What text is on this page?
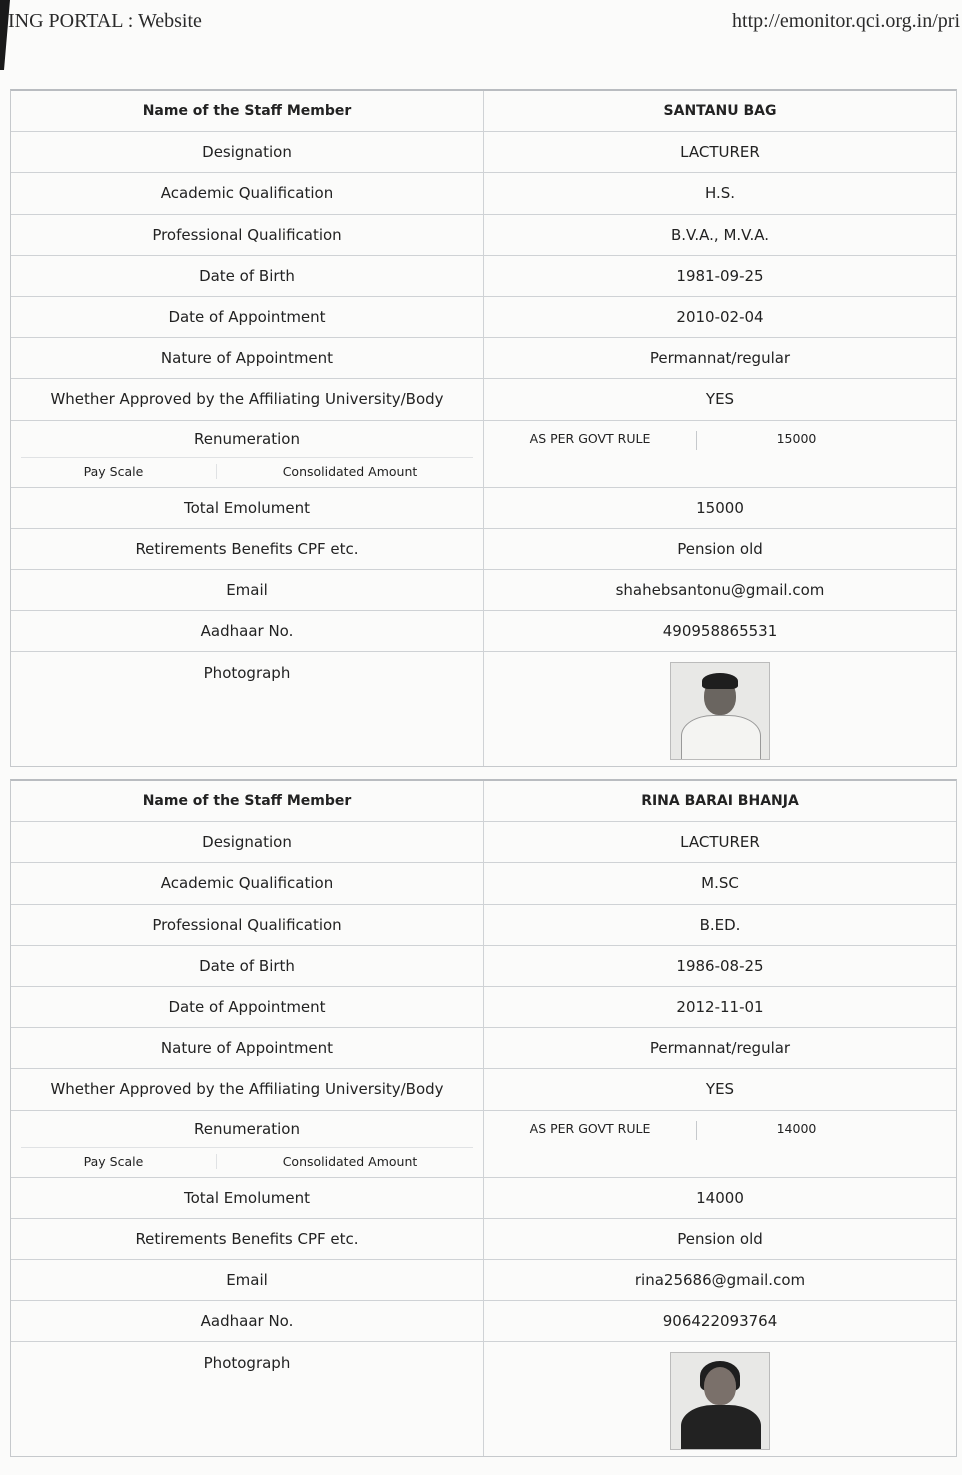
ING PORTAL : Website	http://emonitor.qci.org.in/pri
Name of the Staff Member	SANTANU BAG
Designation	LACTURER
Academic Qualification	H.S.
Professional Qualification	B.V.A., M.V.A.
Date of Birth	1981-09-25
Date of Appointment	2010-02-04
Nature of Appointment	Permannat/regular
Whether Approved by the Affiliating University/Body	YES
Renumeration
Pay Scale	Consolidated Amount
AS PER GOVT RULE	15000
Total Emolument	15000
Retirements Benefits CPF etc.	Pension old
Email	shahebsantonu@gmail.com
Aadhaar No.	490958865531
Photograph
Name of the Staff Member	RINA BARAI BHANJA
Designation	LACTURER
Academic Qualification	M.SC
Professional Qualification	B.ED.
Date of Birth	1986-08-25
Date of Appointment	2012-11-01
Nature of Appointment	Permannat/regular
Whether Approved by the Affiliating University/Body	YES
Renumeration
Pay Scale	Consolidated Amount
AS PER GOVT RULE	14000
Total Emolument	14000
Retirements Benefits CPF etc.	Pension old
Email	rina25686@gmail.com
Aadhaar No.	906422093764
Photograph
